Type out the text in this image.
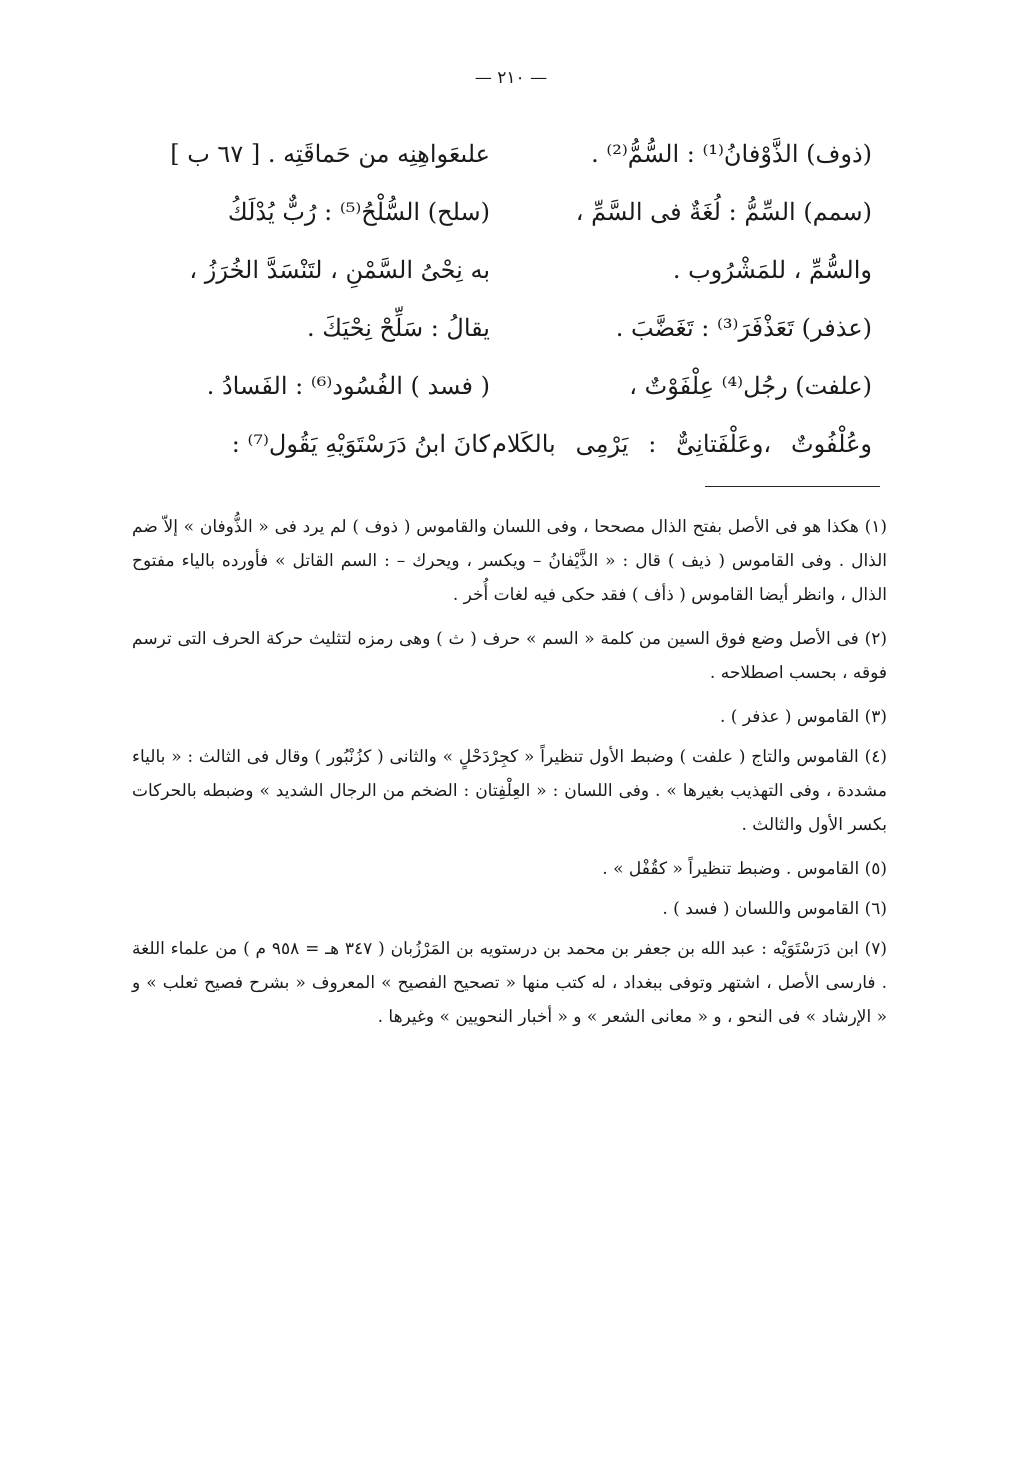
— ٢١٠ —
(ذوف) الذَّوْفانُ⁽¹⁾ : السُّمُّ⁽²⁾ .
(سمم) السِّمُّ : لُغَةٌ فى السَّمِّ ،
والسُّمِّ ، للمَشْرُوب .
(عذفر) تَعَذْفَرَ⁽³⁾ : تَغَضَّبَ .
(علفت) رجُل⁽⁴⁾ عِلْفَوْتٌ ،
وعُلْفُوتٌ ،وعَلْفَتانِىٌّ : يَرْمِى بالكَلام
علىعَواهِنِه من حَماقَتِه . [ ٦٧ ب ]
(سلح) السُّلْحُ⁽⁵⁾ : رُبٌّ يُدْلَكُ
به نِحْىُ السَّمْنِ ، لتَنْسَدَّ الخُرَزُ ،
يقالُ : سَلِّحْ نِحْيَكَ .
( فسد ) الفُسُود⁽⁶⁾ : الفَسادُ .
كانَ ابنُ دَرَسْتَوَيْهِ يَقُول⁽⁷⁾ :

(١) هكذا هو فى الأصل بفتح الذال مصححا ، وفى اللسان والقاموس ( ذوف ) لم يرد فى « الذُّوفان » إلاّ ضم الذال . وفى القاموس ( ذيف ) قال : « الذَّيْفانُ – ويكسر ، ويحرك – : السم القاتل » فأورده بالياء مفتوح الذال ، وانظر أيضا القاموس ( ذأف ) فقد حكى فيه لغات أُخر .

(٢) فى الأصل وضع فوق السين من كلمة « السم » حرف ( ث ) وهى رمزه لتثليث حركة الحرف التى ترسم فوقه ، بحسب اصطلاحه .

(٣) القاموس ( عذفر ) .

(٤) القاموس والتاج ( علفت ) وضبط الأول تنظيراً « كجِرْدَحْلٍ » والثانى ( كزُنْبُور ) وقال فى الثالث : « بالياء مشددة ، وفى التهذيب بغيرها » . وفى اللسان : « العِلْفِتان : الضخم من الرجال الشديد » وضبطه بالحركات بكسر الأول والثالث .

(٥) القاموس . وضبط تنظيراً « كقُفْل » .

(٦) القاموس واللسان ( فسد ) .

(٧) ابن دَرَسْتَوَيْه : عبد الله بن جعفر بن محمد بن درستويه بن المَرْزُبان ( ٣٤٧ هـ = ٩٥٨ م ) من علماء اللغة . فارسى الأصل ، اشتهر وتوفى ببغداد ، له كتب منها « تصحيح الفصيح » المعروف « بشرح فصيح ثعلب » و « الإرشاد » فى النحو ، و « معانى الشعر » و « أخبار النحويين » وغيرها .
